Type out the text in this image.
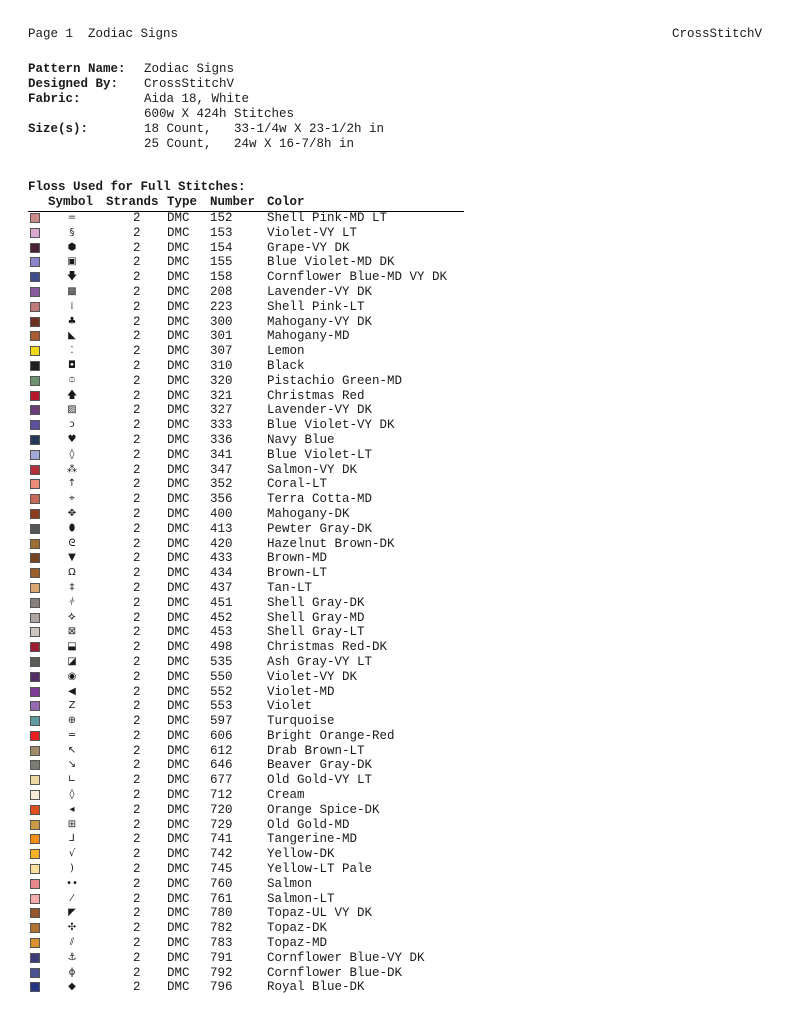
Page 1 Zodiac Signs	CrossStitchV
Pattern Name:	Zodiac Signs
Designed By:	CrossStitchV
Fabric:	Aida 18, White
600w X 424h Stitches
Size(s):	18 Count,   33-1/4w X 23-1/2h in
25 Count,   24w X 16-7/8h in
Floss Used for Full Stitches:
Symbol Strands Type Number Color
=	2 DMC 152	Shell Pink-MD LT
§	2 DMC 153	Violet-VY LT
⬢	2 DMC 154	Grape-VY DK
▣	2 DMC 155	Blue Violet-MD DK
🡇	2 DMC 158	Cornflower Blue-MD VY DK
▩	2 DMC 208	Lavender-VY DK
⁞	2 DMC 223	Shell Pink-LT
♣	2 DMC 300	Mahogany-VY DK
◣	2 DMC 301	Mahogany-MD
⁚	2 DMC 307	Lemon
◘	2 DMC 310	Black
⯐	2 DMC 320	Pistachio Green-MD
🡅	2 DMC 321	Christmas Red
▨	2 DMC 327	Lavender-VY DK
ↄ	2 DMC 333	Blue Violet-VY DK
♥	2 DMC 336	Navy Blue
◊	2 DMC 341	Blue Violet-LT
⁂	2 DMC 347	Salmon-VY DK
↑	2 DMC 352	Coral-LT
⌖	2 DMC 356	Terra Cotta-MD
✥	2 DMC 400	Mahogany-DK
⬮	2 DMC 413	Pewter Gray-DK
ᘓ	2 DMC 420	Hazelnut Brown-DK
▼	2 DMC 433	Brown-MD
Ω	2 DMC 434	Brown-LT
‡	2 DMC 437	Tan-LT
⫩	2 DMC 451	Shell Gray-DK
⯎	2 DMC 452	Shell Gray-MD
⊠	2 DMC 453	Shell Gray-LT
⬓	2 DMC 498	Christmas Red-DK
◪	2 DMC 535	Ash Gray-VY LT
◉	2 DMC 550	Violet-VY DK
◀	2 DMC 552	Violet-MD
Z	2 DMC 553	Violet
⊕	2 DMC 597	Turquoise
═	2 DMC 606	Bright Orange-Red
↖	2 DMC 612	Drab Brown-LT
↘	2 DMC 646	Beaver Gray-DK
∟	2 DMC 677	Old Gold-VY LT
◊	2 DMC 712	Cream
◂	2 DMC 720	Orange Spice-DK
⊞	2 DMC 729	Old Gold-MD
⅃	2 DMC 741	Tangerine-MD
√	2 DMC 742	Yellow-DK
)	2 DMC 745	Yellow-LT Pale
••	2 DMC 760	Salmon
⁄	2 DMC 761	Salmon-LT
◤	2 DMC 780	Topaz-UL VY DK
✣	2 DMC 782	Topaz-DK
⫽	2 DMC 783	Topaz-MD
⚓	2 DMC 791	Cornflower Blue-VY DK
ɸ	2 DMC 792	Cornflower Blue-DK
◆	2 DMC 796	Royal Blue-DK
